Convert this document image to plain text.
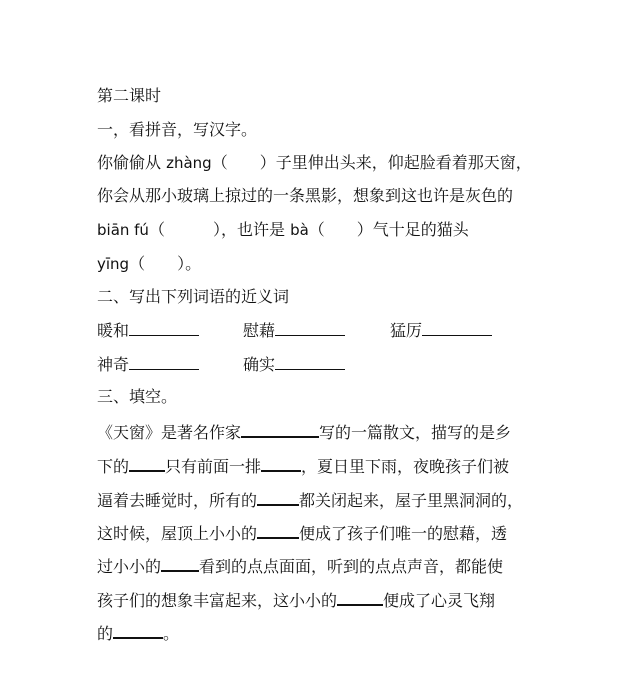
第二课时
一，看拼音，写汉字。
你偷偷从 zhàng（　　）子里伸出头来，仰起脸看着那天窗，
你会从那小玻璃上掠过的一条黑影，想象到这也许是灰色的
biān fú（　　　），也许是 bà（　　）气十足的猫头
yīng（　　）。
二、写出下列词语的近义词
暖和	慰藉	猛厉
神奇	确实
三、填空。
《天窗》是著名作家	写的一篇散文，描写的是乡
下的 只有前面一排	，夏日里下雨，夜晚孩子们被
逼着去睡觉时，所有的	都关闭起来，屋子里黑洞洞的，
这时候，屋顶上小小的	便成了孩子们唯一的慰藉，透
过小小的 看到的点点面面，听到的点点声音，都能使
孩子们的想象丰富起来，这小小的	便成了心灵飞翔
的	。
